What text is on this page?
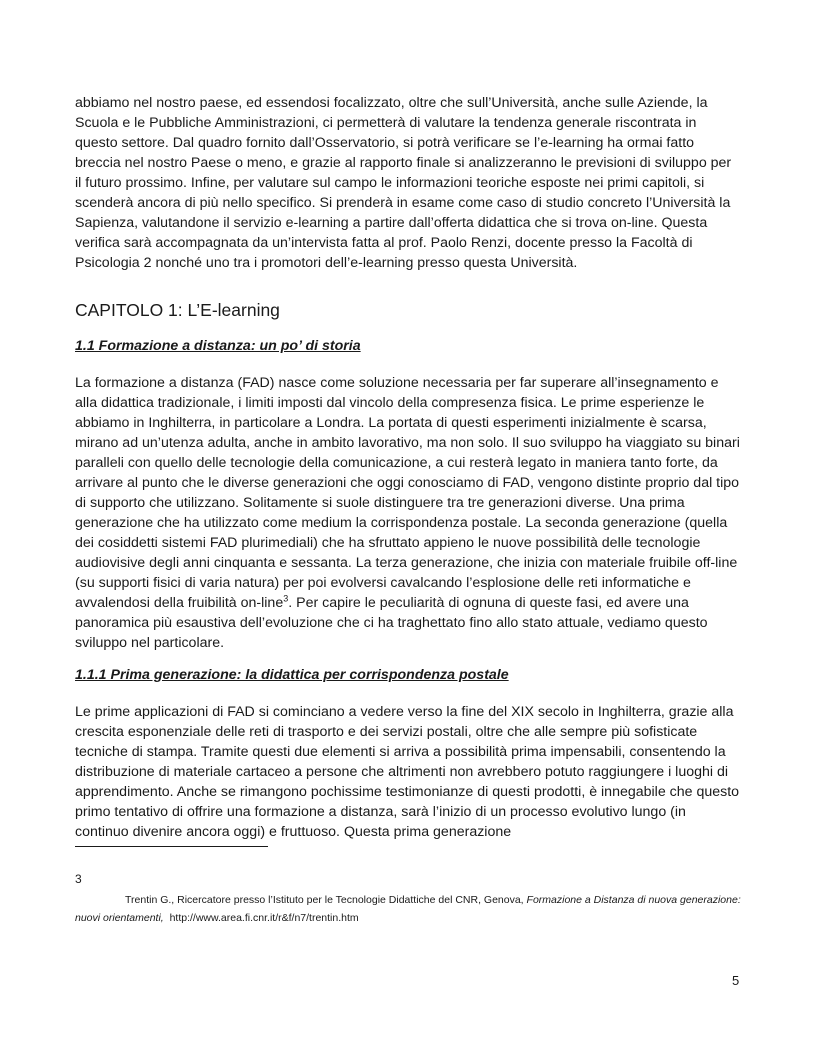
abbiamo nel nostro paese, ed essendosi focalizzato, oltre che sull’Università, anche sulle Aziende, la Scuola e le Pubbliche Amministrazioni, ci permetterà di valutare la tendenza generale riscontrata in questo settore. Dal quadro fornito dall’Osservatorio, si potrà verificare se l’e-learning ha ormai fatto breccia nel nostro Paese o meno, e grazie al rapporto finale si analizzeranno le previsioni di sviluppo per il futuro prossimo. Infine, per valutare sul campo le informazioni teoriche esposte nei primi capitoli, si scenderà ancora di più nello specifico. Si prenderà in esame come caso di studio concreto l’Università la Sapienza, valutandone il servizio e-learning a partire dall’offerta didattica che si trova on-line. Questa verifica sarà accompagnata da un’intervista fatta al prof. Paolo Renzi, docente presso la Facoltà di Psicologia 2 nonché uno tra i promotori dell’e-learning presso questa Università.

CAPITOLO 1: L’E-learning
1.1 Formazione a distanza: un po’ di storia

La formazione a distanza (FAD) nasce come soluzione necessaria per far superare all’insegnamento e alla didattica tradizionale, i limiti imposti dal vincolo della compresenza fisica. Le prime esperienze le abbiamo in Inghilterra, in particolare a Londra. La portata di questi esperimenti inizialmente è scarsa, mirano ad un’utenza adulta, anche in ambito lavorativo, ma non solo. Il suo sviluppo ha viaggiato su binari paralleli con quello delle tecnologie della comunicazione, a cui resterà legato in maniera tanto forte, da arrivare al punto che le diverse generazioni che oggi conosciamo di FAD, vengono distinte proprio dal tipo di supporto che utilizzano. Solitamente si suole distinguere tra tre generazioni diverse. Una prima generazione che ha utilizzato come medium la corrispondenza postale. La seconda generazione (quella dei cosiddetti sistemi FAD plurimediali) che ha sfruttato appieno le nuove possibilità delle tecnologie audiovisive degli anni cinquanta e sessanta. La terza generazione, che inizia con materiale fruibile off-line (su supporti fisici di varia natura) per poi evolversi cavalcando l’esplosione delle reti informatiche e avvalendosi della fruibilità on-line$^3$. Per capire le peculiarità di ognuna di queste fasi, ed avere una panoramica più esaustiva dell’evoluzione che ci ha traghettato fino allo stato attuale, vediamo questo sviluppo nel particolare.

1.1.1 Prima generazione: la didattica per corrispondenza postale

Le prime applicazioni di FAD si cominciano a vedere verso la fine del XIX secolo in Inghilterra, grazie alla crescita esponenziale delle reti di trasporto e dei servizi postali, oltre che alle sempre più sofisticate tecniche di stampa. Tramite questi due elementi si arriva a possibilità prima impensabili, consentendo la distribuzione di materiale cartaceo a persone che altrimenti non avrebbero potuto raggiungere i luoghi di apprendimento. Anche se rimangono pochissime testimonianze di questi prodotti, è innegabile che questo primo tentativo di offrire una formazione a distanza, sarà l’inizio di un processo evolutivo lungo (in continuo divenire ancora oggi) e fruttuoso. Questa prima generazione

3
Trentin G., Ricercatore presso l’Istituto per le Tecnologie Didattiche del CNR, Genova, Formazione a Distanza di nuova generazione: nuovi orientamenti, http://www.area.fi.cnr.it/r&f/n7/trentin.htm
5
